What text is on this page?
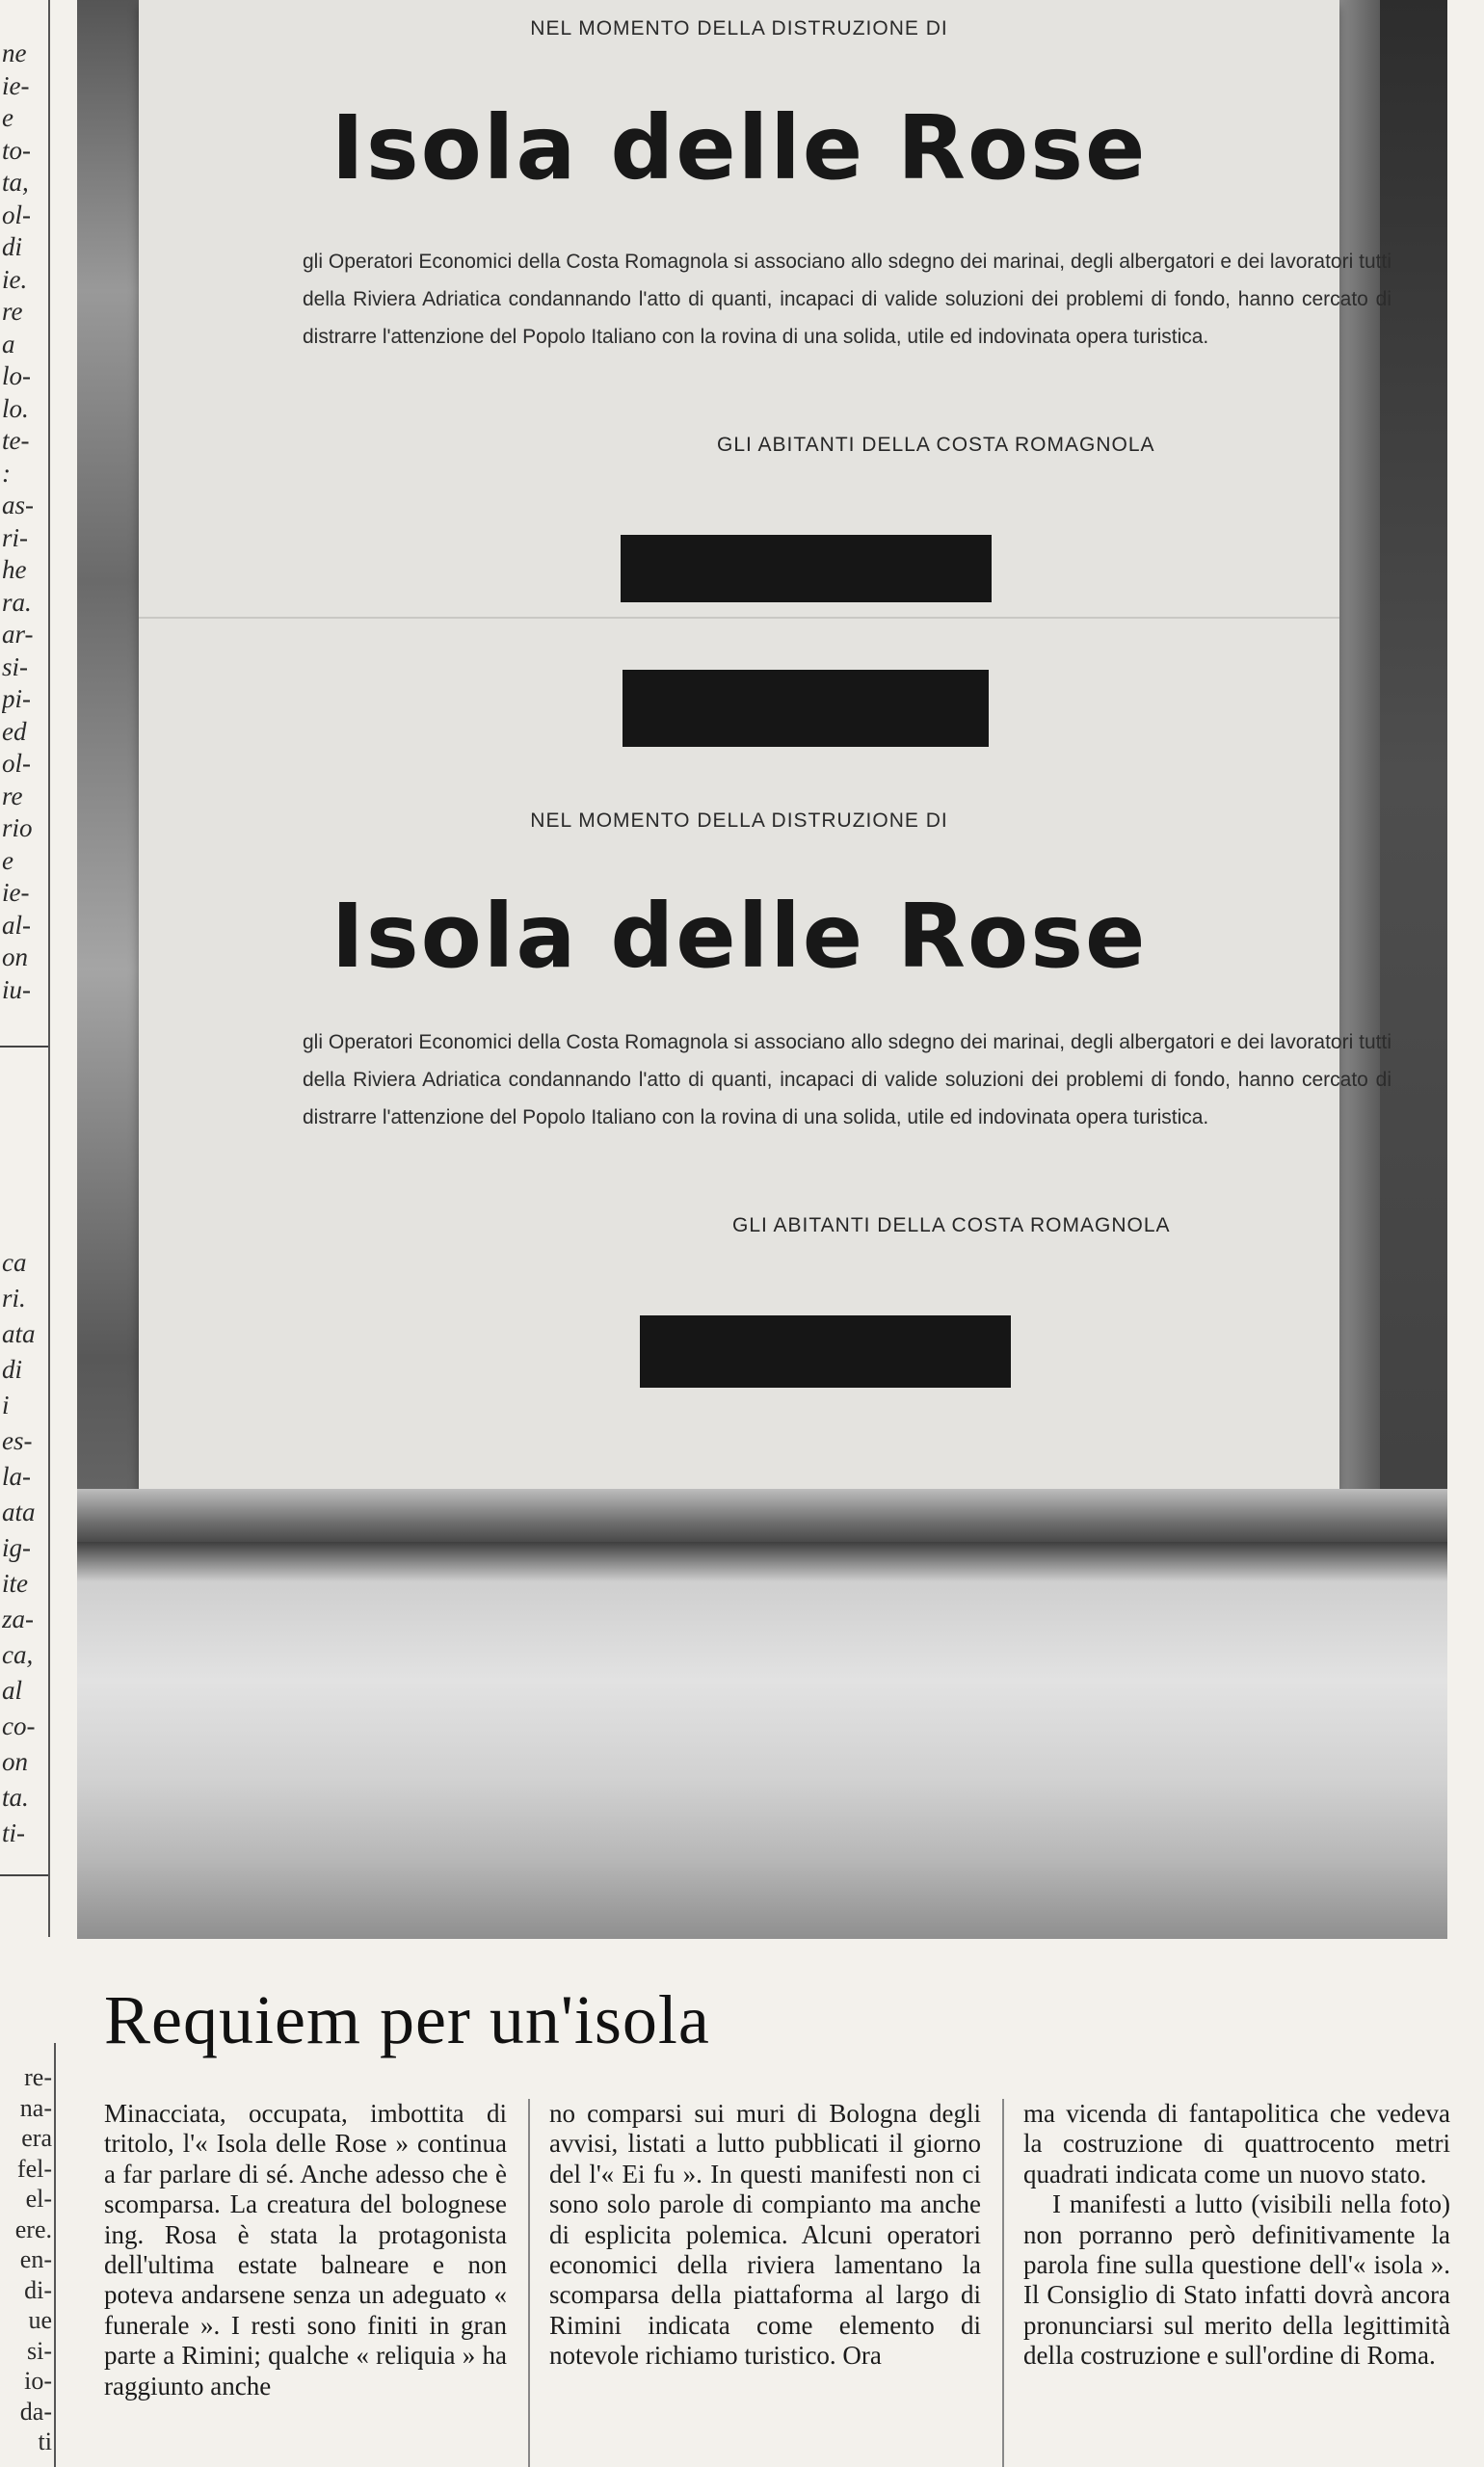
ne
ie-
e
to-
ta,
ol-
di
ie.
re
a
lo-
lo.
te-
:
as-
ri-
he
ra.
ar-
si-
pi-
ed
ol-
re
rio
e
ie-
al-
on
iu-
ca
ri.
ata
di
i
es-
la-
ata
ig-
ite
za-
ca,
al
co-
on
ta.
ti-
NEL MOMENTO DELLA DISTRUZIONE DI
Isola delle Rose
gli Operatori Economici della Costa Romagnola si associano allo sdegno dei marinai, degli albergatori e dei lavoratori tutti della Riviera Adriatica condannando l'atto di quanti, incapaci di valide soluzioni dei problemi di fondo, hanno cercato di distrarre l'attenzione del Popolo Italiano con la rovina di una solida, utile ed indovinata opera turistica.
GLI ABITANTI DELLA COSTA ROMAGNOLA
NEL MOMENTO DELLA DISTRUZIONE DI
Isola delle Rose
gli Operatori Economici della Costa Romagnola si associano allo sdegno dei marinai, degli albergatori e dei lavoratori tutti della Riviera Adriatica condannando l'atto di quanti, incapaci di valide soluzioni dei problemi di fondo, hanno cercato di distrarre l'attenzione del Popolo Italiano con la rovina di una solida, utile ed indovinata opera turistica.
GLI ABITANTI DELLA COSTA ROMAGNOLA
Requiem per un'isola
re-
na-
era
fel-
el-
ere.
en-
di-
ue
si-
io-
da-
ti

Minacciata, occupata, imbottita di tritolo, l'« Isola delle Rose » continua a far parlare di sé. Anche adesso che è scomparsa. La creatura del bolognese ing. Rosa è stata la protagonista dell'ultima estate balneare e non poteva andarsene senza un adeguato « funerale ». I resti sono finiti in gran parte a Rimini; qualche « reliquia » ha raggiunto anche

no comparsi sui muri di Bologna degli avvisi, listati a lutto pubblicati il giorno del l'« Ei fu ». In questi manifesti non ci sono solo parole di compianto ma anche di esplicita polemica. Alcuni operatori economici della riviera lamentano la scomparsa della piattaforma al largo di Rimini indicata come elemento di notevole richiamo turistico. Ora

ma vicenda di fantapolitica che vedeva la costruzione di quattrocento metri quadrati indicata come un nuovo stato.

I manifesti a lutto (visibili nella foto) non porranno però definitivamente la parola fine sulla questione dell'« isola ». Il Consiglio di Stato infatti dovrà ancora pronunciarsi sul merito della legittimità della costruzione e sull'ordine di Roma.
